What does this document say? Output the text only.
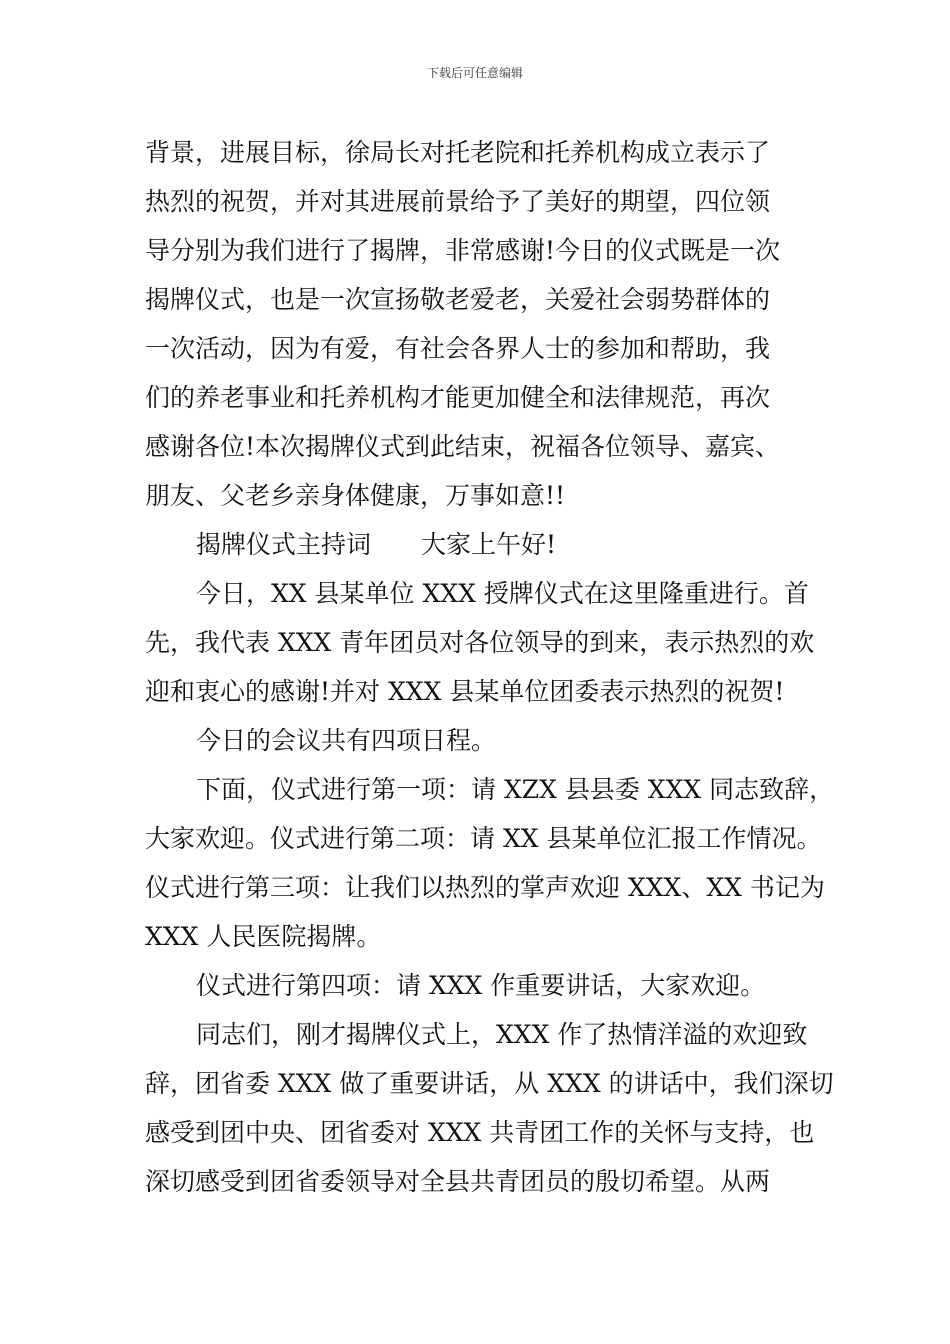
下载后可任意编辑
背景，进展目标，徐局长对托老院和托养机构成立表示了
热烈的祝贺，并对其进展前景给予了美好的期望，四位领
导分别为我们进行了揭牌，非常感谢!今日的仪式既是一次
揭牌仪式，也是一次宣扬敬老爱老，关爱社会弱势群体的
一次活动，因为有爱，有社会各界人士的参加和帮助，我
们的养老事业和托养机构才能更加健全和法律规范，再次
感谢各位!本次揭牌仪式到此结束，祝福各位领导、嘉宾、
朋友、父老乡亲身体健康，万事如意!!
揭牌仪式主持词 大家上午好!
今日，XX 县某单位 XXX 授牌仪式在这里隆重进行。首
先，我代表 XXX 青年团员对各位领导的到来，表示热烈的欢
迎和衷心的感谢!并对 XXX 县某单位团委表示热烈的祝贺!
今日的会议共有四项日程。
下面，仪式进行第一项：请 XZX 县县委 XXX 同志致辞，
大家欢迎。仪式进行第二项：请 XX 县某单位汇报工作情况。
仪式进行第三项：让我们以热烈的掌声欢迎 XXX、XX 书记为
XXX 人民医院揭牌。
仪式进行第四项：请 XXX 作重要讲话，大家欢迎。
同志们，刚才揭牌仪式上，XXX 作了热情洋溢的欢迎致
辞，团省委 XXX 做了重要讲话，从 XXX 的讲话中，我们深切
感受到团中央、团省委对 XXX 共青团工作的关怀与支持，也
深切感受到团省委领导对全县共青团员的殷切希望。从两
